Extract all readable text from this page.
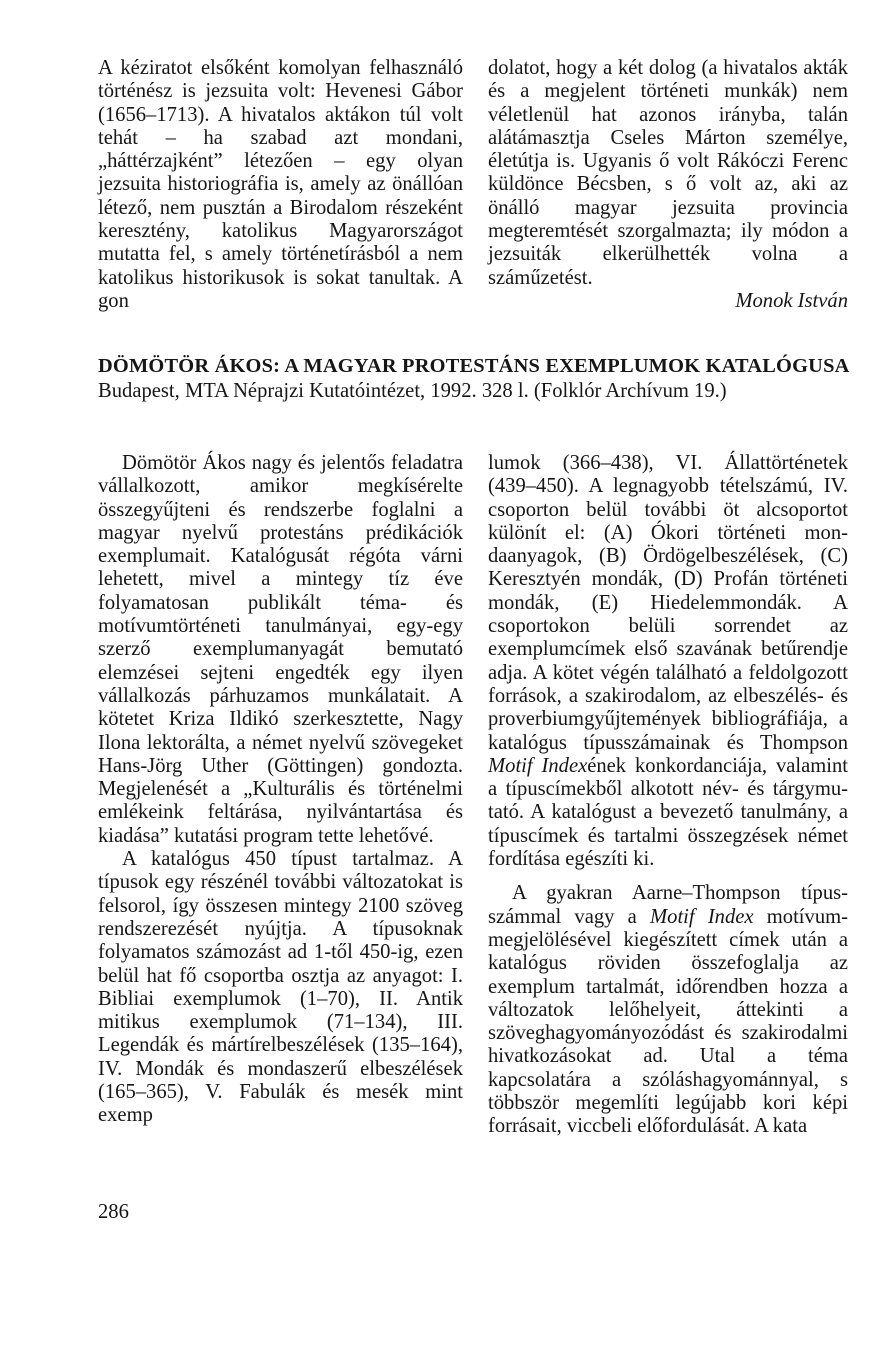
A kéziratot elsőként komolyan felhasználó történész is jezsuita volt: Hevenesi Gábor (1656–1713). A hivatalos aktákon túl volt tehát – ha szabad azt mondani, „háttérzajként” létezően – egy olyan jezsuita historiográfia is, amely az önállóan létező, nem pusztán a Birodalom részeként keresztény, katolikus Magyarországot mutatta fel, s amely történetírásból a nem katolikus historikusok is sokat tanultak. A gon

dolatot, hogy a két dolog (a hivatalos akták és a megjelent történeti munkák) nem véletlenül hat azonos irányba, talán alátámasztja Cseles Márton személye, életútja is. Ugyanis ő volt Rákóczi Ferenc küldönce Bécsben, s ő volt az, aki az önálló magyar jezsuita provincia megteremtését szorgalmazta; ily módon a jezsuiták elkerülhették volna a száműzetést.

Monok István

DÖMÖTÖR ÁKOS: A MAGYAR PROTESTÁNS EXEMPLUMOK KATALÓGUSA

Budapest, MTA Néprajzi Kutatóintézet, 1992. 328 l. (Folklór Archívum 19.)

Dömötör Ákos nagy és jelentős feladatra vállalkozott, amikor megkísérelte összegyűjteni és rendszerbe foglalni a magyar nyelvű protestáns prédikációk exemplumait. Katalógusát régóta várni lehetett, mivel a mintegy tíz éve folyamatosan publikált téma- és motívumtörténeti tanulmányai, egy-egy szerző exemplumanyagát bemutató elemzései sejteni engedték egy ilyen vállalkozás párhuzamos munkálatait. A kötetet Kriza Ildikó szerkesztette, Nagy Ilona lektorálta, a német nyelvű szövegeket Hans-Jörg Uther (Göttingen) gondozta. Megjelenését a „Kulturális és történelmi emlékeink feltárása, nyilvántartása és kiadása” kutatási program tette lehetővé.

A katalógus 450 típust tartalmaz. A típusok egy részénél további változatokat is felsorol, így összesen mintegy 2100 szöveg rendszerezését nyújtja. A típusoknak folyamatos számozást ad 1-től 450-ig, ezen belül hat fő csoportba osztja az anyagot: I. Bibliai exemplumok (1–70), II. Antik mitikus exemplumok (71–134), III. Legendák és mártírelbeszélések (135–164), IV. Mondák és mondaszerű elbeszélések (165–365), V. Fabulák és mesék mint exemp

lumok (366–438), VI. Állattörténetek (439–450). A legnagyobb tételszámú, IV. csoporton belül további öt alcsoportot különít el: (A) Ókori történeti mondaanyagok, (B) Ördögelbeszélések, (C) Keresztyén mondák, (D) Profán történeti mondák, (E) Hiedelemmondák. A csoportokon belüli sorrendet az exemplumcímek első szavának betűrendje adja. A kötet végén található a feldolgozott források, a szakirodalom, az elbeszélés- és proverbiumgyűjtemények bibliográfiája, a katalógus típusszámainak és Thompson Motif Indexének konkordanciája, valamint a típuscímekből alkotott név- és tárgymutató. A katalógust a bevezető tanulmány, a típuscímek és tartalmi összegzések német fordítása egészíti ki.

A gyakran Aarne–Thompson típusszámmal vagy a Motif Index motívummegjelölésével kiegészített címek után a katalógus röviden összefoglalja az exemplum tartalmát, időrendben hozza a változatok lelőhelyeit, áttekinti a szöveghagyományozódást és szakirodalmi hivatkozásokat ad. Utal a téma kapcsolatára a szóláshagyománnyal, s többször megemlíti legújabb kori képi forrásait, viccbeli előfordulását. A kata

286
